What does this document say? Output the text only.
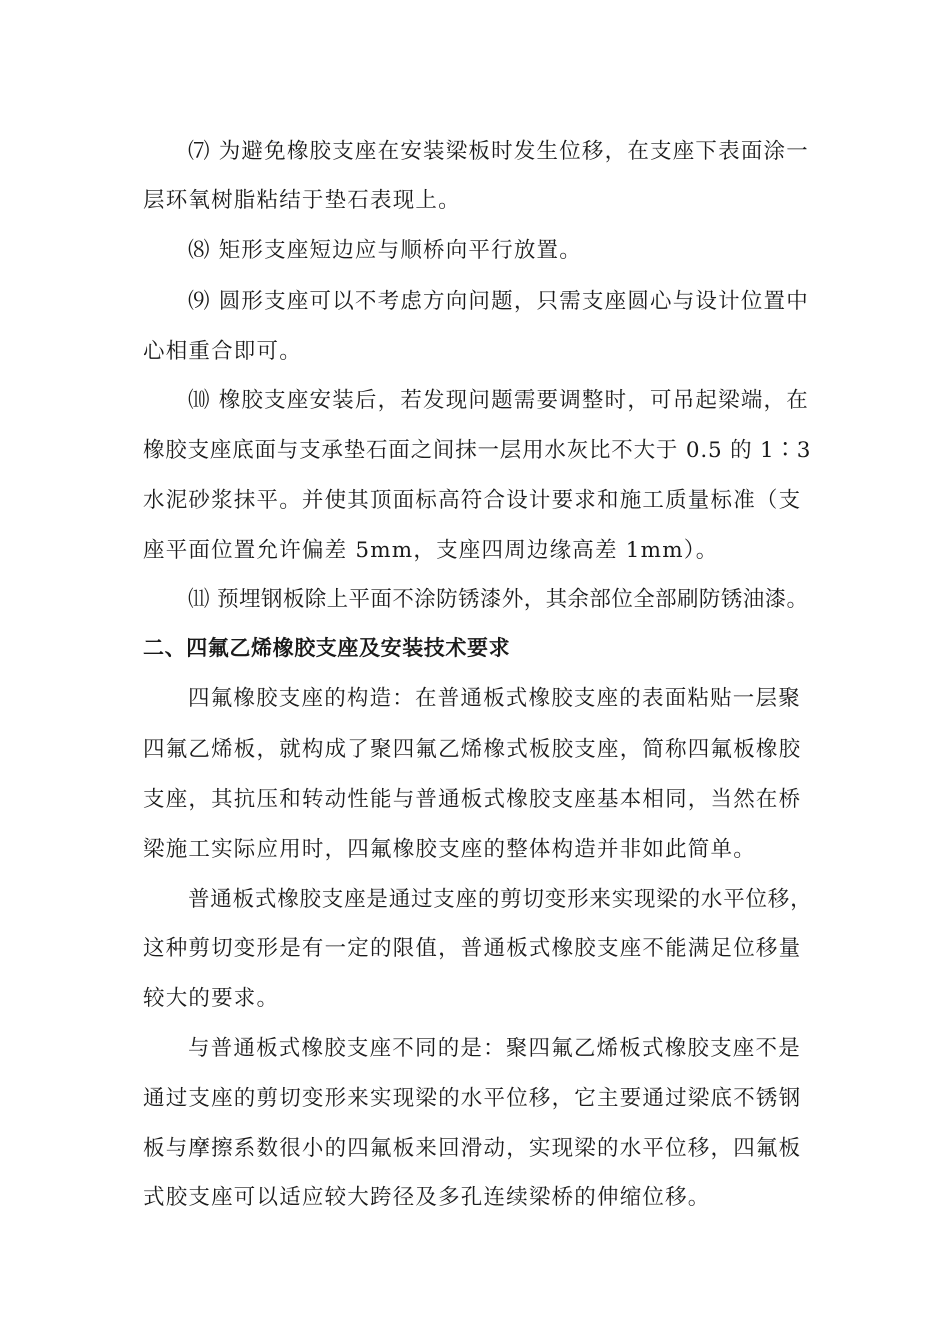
⑺ 为避免橡胶支座在安装梁板时发生位移，在支座下表面涂一
层环氧树脂粘结于垫石表现上。
⑻ 矩形支座短边应与顺桥向平行放置。
⑼ 圆形支座可以不考虑方向问题，只需支座圆心与设计位置中
心相重合即可。
⑽ 橡胶支座安装后，若发现问题需要调整时，可吊起梁端，在
橡胶支座底面与支承垫石面之间抹一层用水灰比不大于 0.5 的 1∶3
水泥砂浆抹平。并使其顶面标高符合设计要求和施工质量标准（支
座平面位置允许偏差 5mm，支座四周边缘高差 1mm）。
⑾ 预埋钢板除上平面不涂防锈漆外，其余部位全部刷防锈油漆。
二、四氟乙烯橡胶支座及安装技术要求
四氟橡胶支座的构造：在普通板式橡胶支座的表面粘贴一层聚
四氟乙烯板，就构成了聚四氟乙烯橡式板胶支座，简称四氟板橡胶
支座，其抗压和转动性能与普通板式橡胶支座基本相同，当然在桥
梁施工实际应用时，四氟橡胶支座的整体构造并非如此简单。
普通板式橡胶支座是通过支座的剪切变形来实现梁的水平位移，
这种剪切变形是有一定的限值，普通板式橡胶支座不能满足位移量
较大的要求。
与普通板式橡胶支座不同的是：聚四氟乙烯板式橡胶支座不是
通过支座的剪切变形来实现梁的水平位移，它主要通过梁底不锈钢
板与摩擦系数很小的四氟板来回滑动，实现梁的水平位移，四氟板
式胶支座可以适应较大跨径及多孔连续梁桥的伸缩位移。
